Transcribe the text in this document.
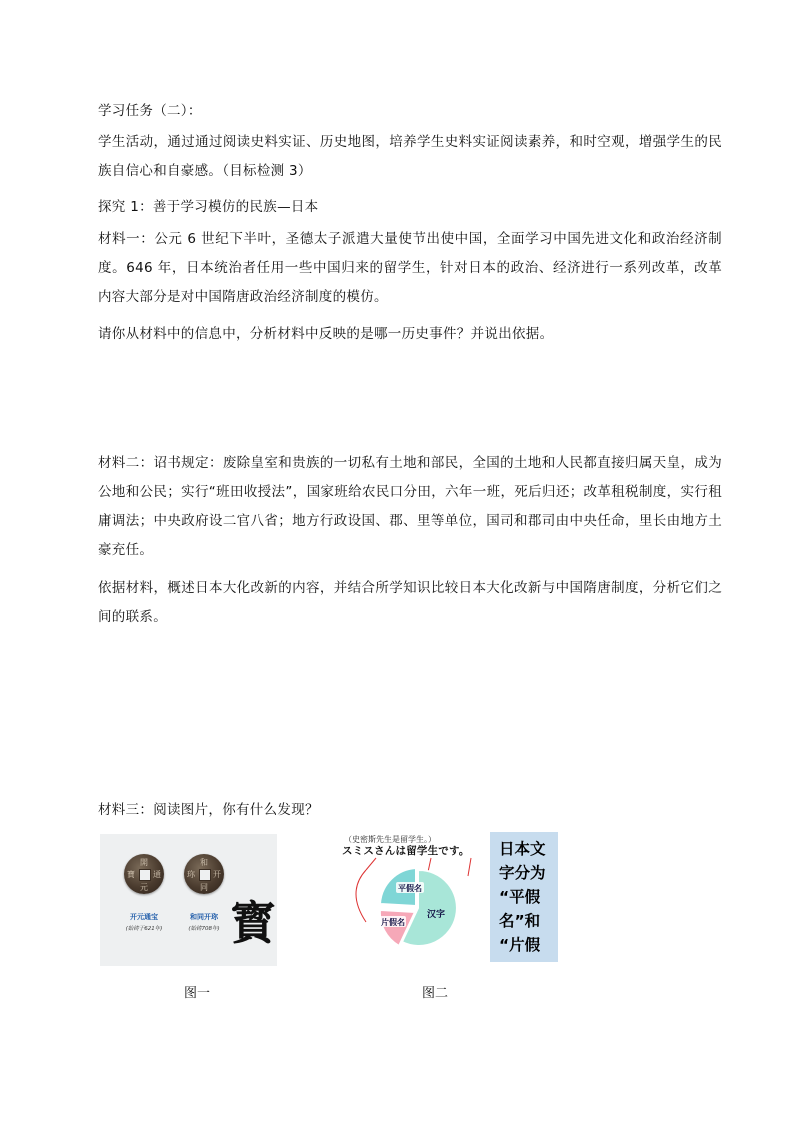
学习任务（二）：

学生活动，通过通过阅读史料实证、历史地图，培养学生史料实证阅读素养，和时空观，增强学生的民族自信心和自豪感。（目标检测 3）

探究 1：善于学习模仿的民族—日本

材料一：公元 6 世纪下半叶，圣德太子派遣大量使节出使中国，全面学习中国先进文化和政治经济制度。646 年，日本统治者任用一些中国归来的留学生，针对日本的政治、经济进行一系列改革，改革内容大部分是对中国隋唐政治经济制度的模仿。

请你从材料中的信息中，分析材料中反映的是哪一历史事件？并说出依据。

材料二：诏书规定：废除皇室和贵族的一切私有土地和部民，全国的土地和人民都直接归属天皇，成为公地和公民；实行“班田收授法”，国家班给农民口分田，六年一班，死后归还；改革租税制度，实行租庸调法；中央政府设二官八省；地方行政设国、郡、里等单位，国司和郡司由中央任命，里长由地方土豪充任。

依据材料，概述日本大化改新的内容，并结合所学知识比较日本大化改新与中国隋唐制度，分析它们之间的联系。

材料三：阅读图片，你有什么发现？

開
元
通
寶
和
同
开
珎
开元通宝
(始铸于621年)
和同开珎
(始铸708年) 寳
（史密斯先生是留学生。）
スミスさんは留学生です。
平假名
片假名
汉字
日本文
字分为
“平假
名”和
“片假
图一	图二
